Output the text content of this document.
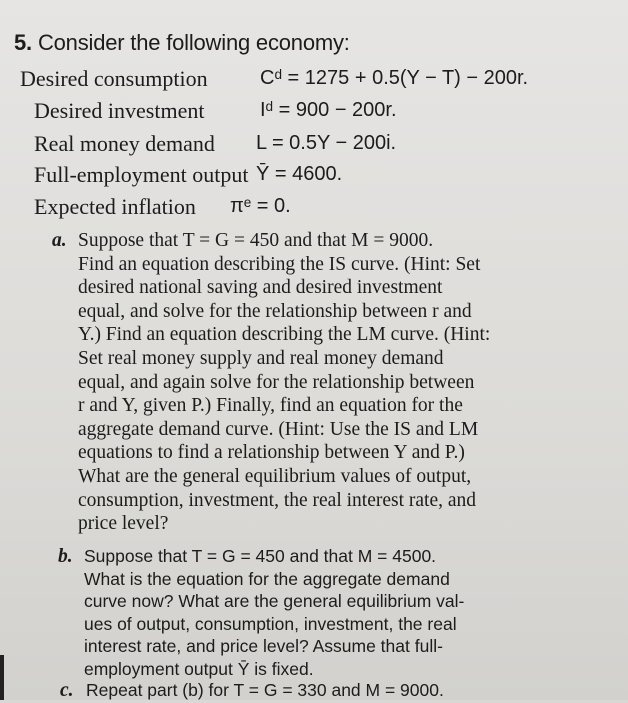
5. Consider the following economy:
Desired consumption	Cᵈ = 1275 + 0.5(Y − T) − 200r.
Desired investment	Iᵈ = 900 − 200r.
Real money demand L = 0.5Y − 200i.
Full-employment output Ȳ = 4600.
Expected inflation πᵉ = 0.
a. Suppose that T = G = 450 and that M = 9000.
Find an equation describing the IS curve. (Hint: Set
desired national saving and desired investment
equal, and solve for the relationship between r and
Y.) Find an equation describing the LM curve. (Hint:
Set real money supply and real money demand
equal, and again solve for the relationship between
r and Y, given P.) Finally, find an equation for the
aggregate demand curve. (Hint: Use the IS and LM
equations to find a relationship between Y and P.)
What are the general equilibrium values of output,
consumption, investment, the real interest rate, and
price level?
b. Suppose that T = G = 450 and that M = 4500.
What is the equation for the aggregate demand
curve now? What are the general equilibrium val-
ues of output, consumption, investment, the real
interest rate, and price level? Assume that full-
employment output Ȳ is fixed.
c. Repeat part (b) for T = G = 330 and M = 9000.
